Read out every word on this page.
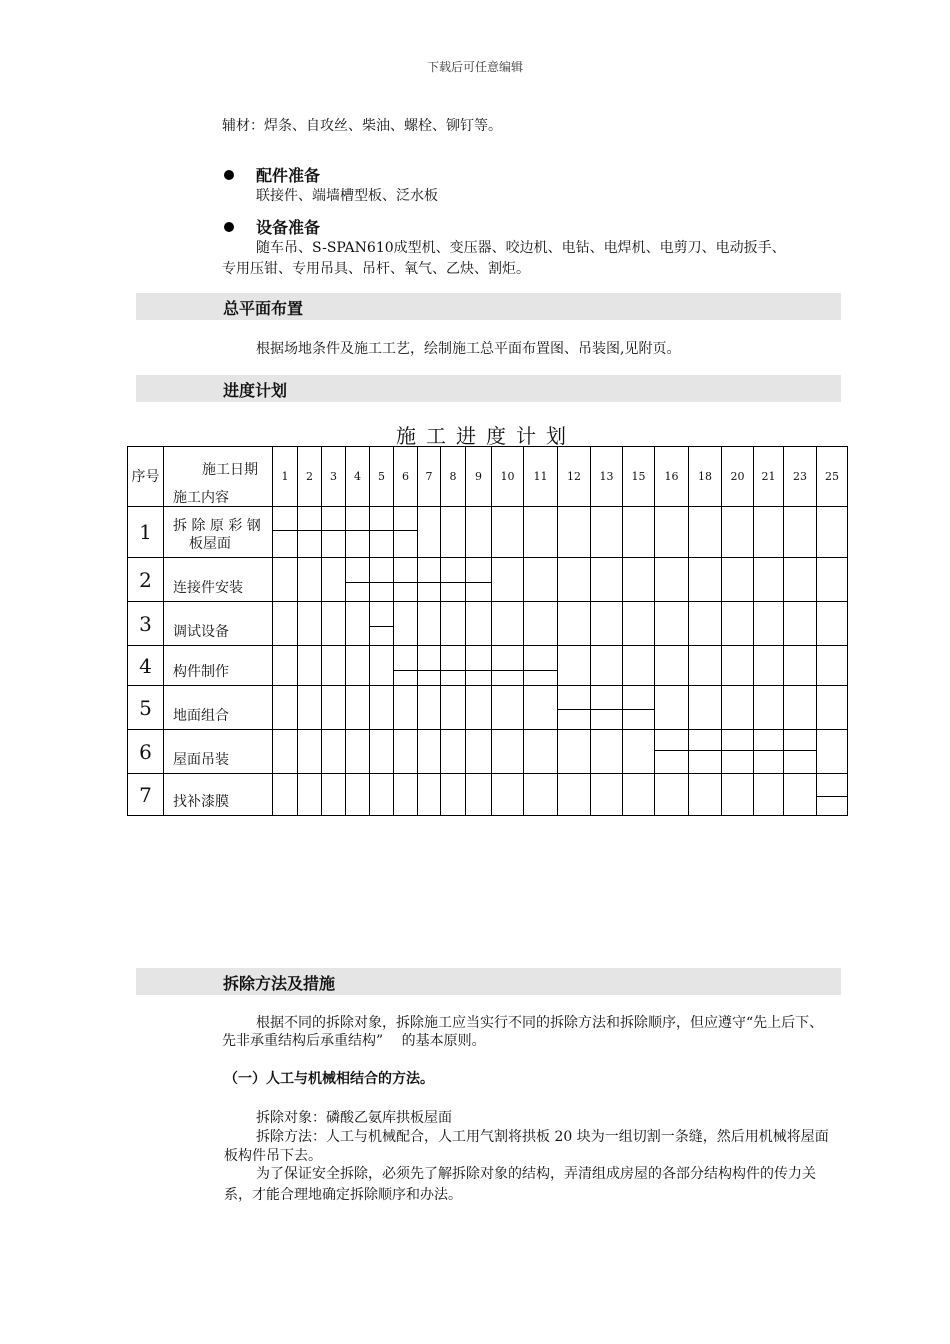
下载后可任意编辑
辅材：焊条、自攻丝、柴油、螺栓、铆钉等。
配件准备
联接件、端墙槽型板、泛水板
设备准备
随车吊、S-SPAN610成型机、变压器、咬边机、电钻、电焊机、电剪刀、电动扳手、
专用压钳、专用吊具、吊杆、氧气、乙炔、割炬。
总平面布置
根据场地条件及施工工艺，绘制施工总平面布置图、吊装图,见附页。
进度计划
施工进度计划
序号	施工日期
施工内容	1	2	3	4	5	6	7	8	9	10	11	12	13	15	16	18	20	21	23	25
1	拆 除 原 彩 钢
板屋面																				

2	连接件安装																				

3	调试设备																				

4	构件制作																				

5	地面组合																				

6	屋面吊装																				

7	找补漆膜																				

拆除方法及措施
根据不同的拆除对象，拆除施工应当实行不同的拆除方法和拆除顺序，但应遵守“先上后下、
先非承重结构后承重结构”　 的基本原则。
（一）人工与机械相结合的方法。
拆除对象：磷酸乙氨库拱板屋面
拆除方法：人工与机械配合，人工用气割将拱板 20 块为一组切割一条缝，然后用机械将屋面
板构件吊下去。
为了保证安全拆除，必须先了解拆除对象的结构，弄清组成房屋的各部分结构构件的传力关
系，才能合理地确定拆除顺序和办法。
